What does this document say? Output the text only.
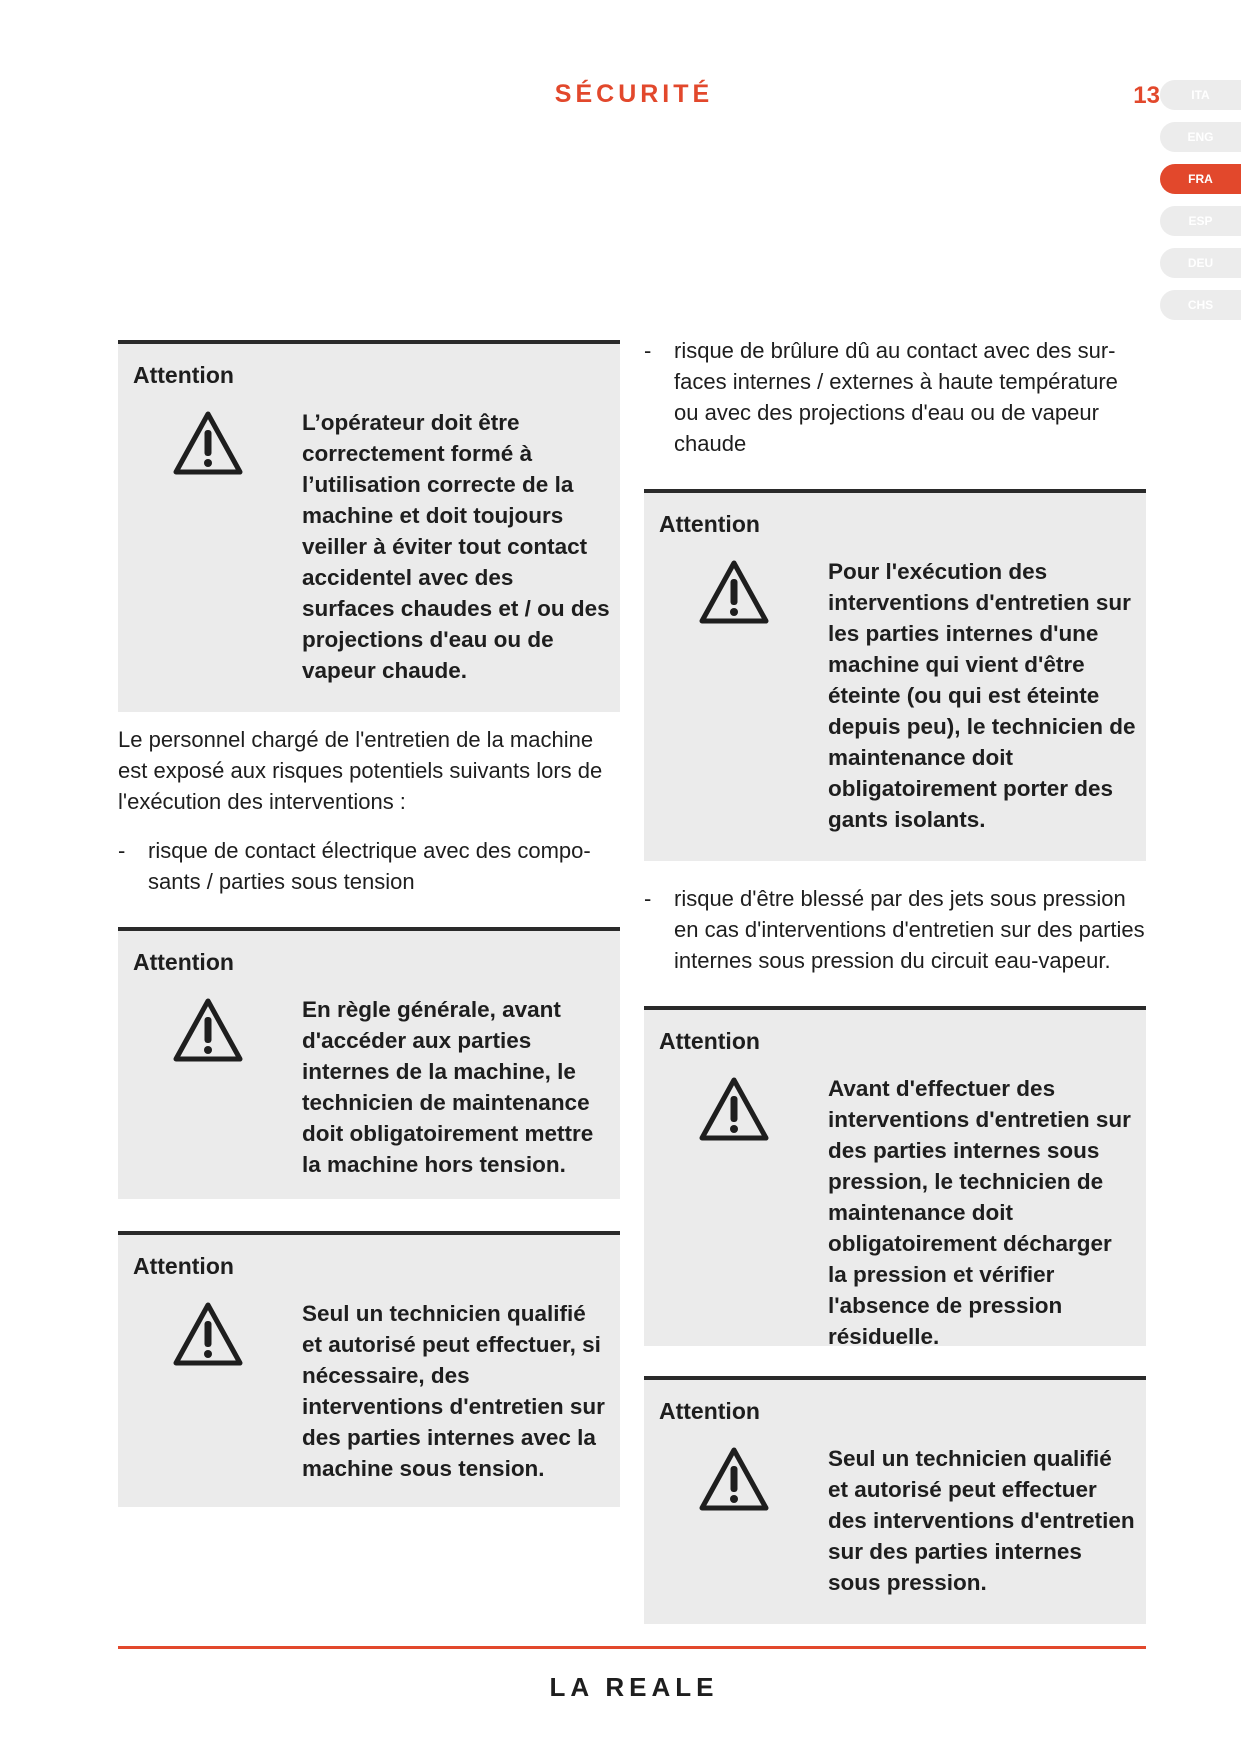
SÉCURITÉ	13	ITA
ENG
FRA
ESP
DEU
CHS
Attention
L’opérateur doit être correctement formé à l’utilisation correcte de la machine et doit toujours veiller à éviter tout contact accidentel avec des surfaces chaudes et / ou des projections d'eau ou de vapeur chaude.
Le personnel chargé de l'entretien de la machine est exposé aux risques potentiels suivants lors de l'exécution des interventions :
-	risque de contact électrique avec des composants / parties sous tension
Attention
En règle générale, avant d'accéder aux parties internes de la machine, le technicien de maintenance doit obligatoirement mettre la machine hors tension.
Attention
Seul un technicien qualifié et autorisé peut effectuer, si nécessaire, des interventions d'entretien sur des parties internes avec la machine sous tension.
-	risque de brûlure dû au contact avec des surfaces internes / externes à haute température ou avec des projections d'eau ou de vapeur chaude
Attention
Pour l'exécution des interventions d'entretien sur les parties internes d'une machine qui vient d'être éteinte (ou qui est éteinte depuis peu), le technicien de maintenance doit obligatoirement porter des gants isolants.
-	risque d'être blessé par des jets sous pression en cas d'interventions d'entretien sur des parties internes sous pression du circuit eau-vapeur.
Attention
Avant d'effectuer des interventions d'entretien sur des parties internes sous pression, le technicien de maintenance doit obligatoirement décharger la pression et vérifier l'absence de pression résiduelle.
Attention
Seul un technicien qualifié et autorisé peut effectuer des interventions d'entretien sur des parties internes sous pression.
LA REALE
